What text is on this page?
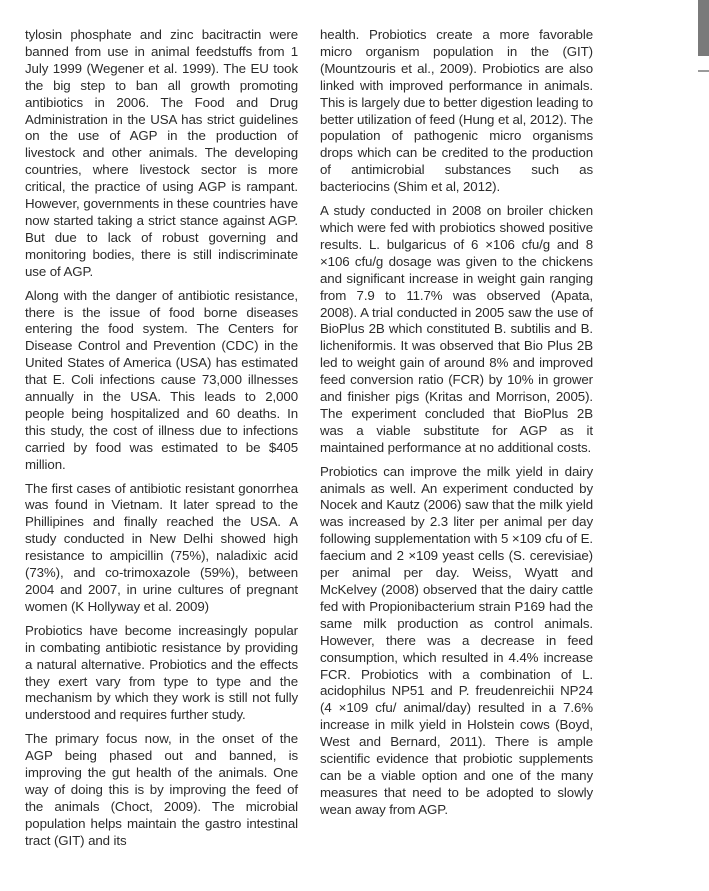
tylosin phosphate and zinc bacitractin were banned from use in animal feedstuffs from 1 July 1999 (Wegener et al. 1999). The EU took the big step to ban all growth promoting antibiotics in 2006. The Food and Drug Administration in the USA has strict guidelines on the use of AGP in the production of livestock and other animals. The developing countries, where livestock sector is more critical, the practice of using AGP is rampant. However, governments in these countries have now started taking a strict stance against AGP. But due to lack of robust governing and monitoring bodies, there is still indiscriminate use of AGP.

Along with the danger of antibiotic resistance, there is the issue of food borne diseases entering the food system. The Centers for Disease Control and Prevention (CDC) in the United States of America (USA) has estimated that E. Coli infections cause 73,000 illnesses annually in the USA. This leads to 2,000 people being hospitalized and 60 deaths. In this study, the cost of illness due to infections carried by food was estimated to be $405 million.

The first cases of antibiotic resistant gonorrhea was found in Vietnam. It later spread to the Phillipines and finally reached the USA. A study conducted in New Delhi showed high resistance to ampicillin (75%), naladixic acid (73%), and co-trimoxazole (59%), between 2004 and 2007, in urine cultures of pregnant women (K Hollyway et al. 2009)

Probiotics have become increasingly popular in combating antibiotic resistance by providing a natural alternative. Probiotics and the effects they exert vary from type to type and the mechanism by which they work is still not fully understood and requires further study.

The primary focus now, in the onset of the AGP being phased out and banned, is improving the gut health of the animals. One way of doing this is by improving the feed of the animals (Choct, 2009). The microbial population helps maintain the gastro intestinal tract (GIT) and its

health. Probiotics create a more favorable micro organism population in the (GIT) (Mountzouris et al., 2009). Probiotics are also linked with improved performance in animals. This is largely due to better digestion leading to better utilization of feed (Hung et al, 2012). The population of pathogenic micro organisms drops which can be credited to the production of antimicrobial substances such as bacteriocins (Shim et al, 2012).

A study conducted in 2008 on broiler chicken which were fed with probiotics showed positive results. L. bulgaricus of 6 ×106 cfu/g and 8 ×106 cfu/g dosage was given to the chickens and significant increase in weight gain ranging from 7.9 to 11.7% was observed (Apata, 2008). A trial conducted in 2005 saw the use of BioPlus 2B which constituted B. subtilis and B. licheniformis. It was observed that Bio Plus 2B led to weight gain of around 8% and improved feed conversion ratio (FCR) by 10% in grower and finisher pigs (Kritas and Morrison, 2005). The experiment concluded that BioPlus 2B was a viable substitute for AGP as it maintained performance at no additional costs.

Probiotics can improve the milk yield in dairy animals as well. An experiment conducted by Nocek and Kautz (2006) saw that the milk yield was increased by 2.3 liter per animal per day following supplementation with 5 ×109 cfu of E. faecium and 2 ×109 yeast cells (S. cerevisiae) per animal per day. Weiss, Wyatt and McKelvey (2008) observed that the dairy cattle fed with Propionibacterium strain P169 had the same milk production as control animals. However, there was a decrease in feed consumption, which resulted in 4.4% increase FCR. Probiotics with a combination of L. acidophilus NP51 and P. freudenreichii NP24 (4 ×109 cfu/ animal/day) resulted in a 7.6% increase in milk yield in Holstein cows (Boyd, West and Bernard, 2011). There is ample scientific evidence that probiotic supplements can be a viable option and one of the many measures that need to be adopted to slowly wean away from AGP.
